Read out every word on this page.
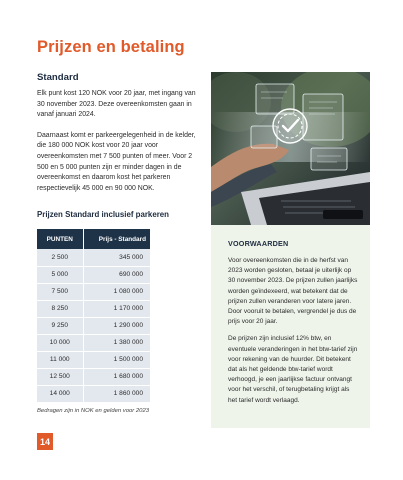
Prijzen en betaling
Standard

Elk punt kost 120 NOK voor 20 jaar, met ingang van 30 november 2023. Deze overeenkomsten gaan in vanaf januari 2024.

Daarnaast komt er parkeergelegenheid in de kelder, die 180 000 NOK kost voor 20 jaar voor overeenkomsten met 7 500 punten of meer. Voor 2 500 en 5 000 punten zijn er minder dagen in de overeenkomst en daarom kost het parkeren respectievelijk 45 000 en 90 000 NOK.

Prijzen Standard inclusief parkeren
PUNTEN	Prijs - Standard
2 500	345 000
5 000	690 000
7 500	1 080 000
8 250	1 170 000
9 250	1 290 000
10 000	1 380 000
11 000	1 500 000
12 500	1 680 000
14 000	1 860 000
Bedragen zijn in NOK en gelden voor 2023
VOORWAARDEN

Voor overeenkomsten die in de herfst van 2023 worden gesloten, betaal je uiterlijk op 30 november 2023. De prijzen zullen jaarlijks worden geïndexeerd, wat betekent dat de prijzen zullen veranderen voor latere jaren. Door vooruit te betalen, vergrendel je dus de prijs voor 20 jaar.

De prijzen zijn inclusief 12% btw, en eventuele veranderingen in het btw-tarief zijn voor rekening van de huurder. Dit betekent dat als het geldende btw-tarief wordt verhoogd, je een jaarlijkse factuur ontvangt voor het verschil, of terugbetaling krijgt als het tarief wordt verlaagd.

14
